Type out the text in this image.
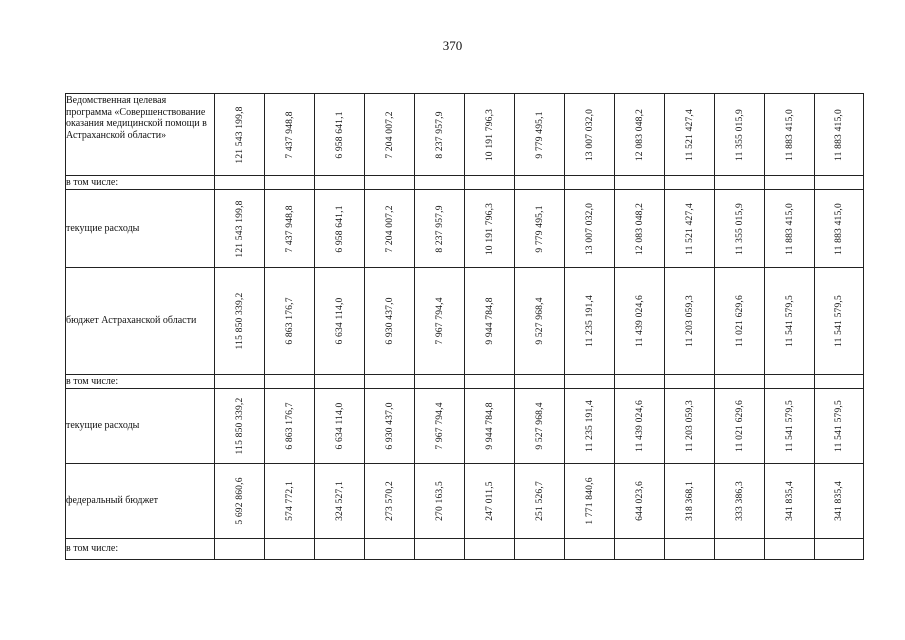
370
Ведомственная целевая программа «Совершенствование оказания медицинской помощи в Астраханской области»	121 543 199,8	7 437 948,8	6 958 641,1	7 204 007,2	8 237 957,9	10 191 796,3	9 779 495,1	13 007 032,0	12 083 048,2	11 521 427,4	11 355 015,9	11 883 415,0	11 883 415,0

в том числе:													
текущие расходы	121 543 199,8	7 437 948,8	6 958 641,1	7 204 007,2	8 237 957,9	10 191 796,3	9 779 495,1	13 007 032,0	12 083 048,2	11 521 427,4	11 355 015,9	11 883 415,0	11 883 415,0

бюджет Астраханской области	115 850 339,2	6 863 176,7	6 634 114,0	6 930 437,0	7 967 794,4	9 944 784,8	9 527 968,4	11 235 191,4	11 439 024,6	11 203 059,3	11 021 629,6	11 541 579,5	11 541 579,5

в том числе:													
текущие расходы	115 850 339,2	6 863 176,7	6 634 114,0	6 930 437,0	7 967 794,4	9 944 784,8	9 527 968,4	11 235 191,4	11 439 024,6	11 203 059,3	11 021 629,6	11 541 579,5	11 541 579,5

федеральный бюджет	5 692 860,6	574 772,1	324 527,1	273 570,2	270 163,5	247 011,5	251 526,7	1 771 840,6	644 023,6	318 368,1	333 386,3	341 835,4	341 835,4

в том числе:													
